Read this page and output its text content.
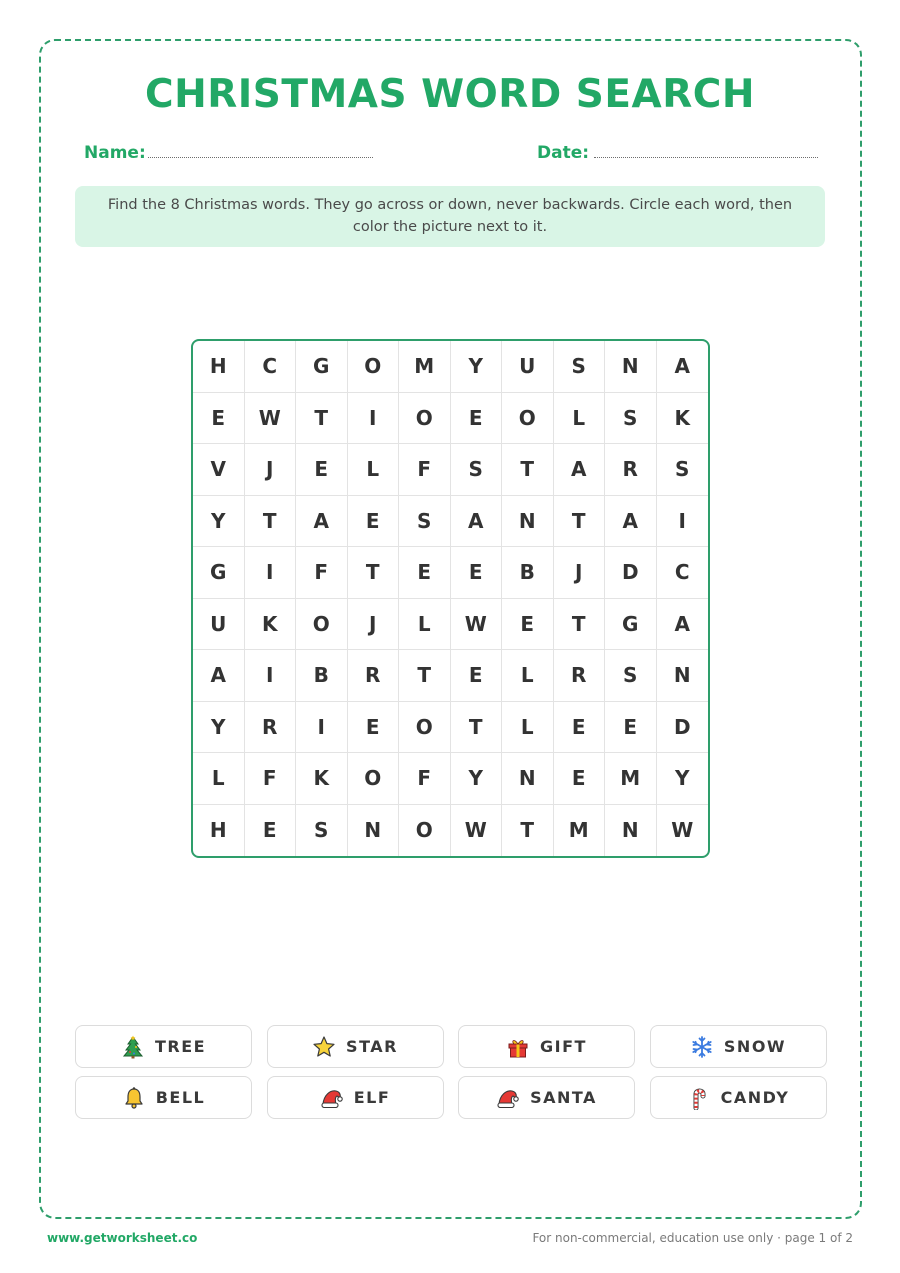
CHRISTMAS WORD SEARCH
Name:	Date:
Find the 8 Christmas words. They go across or down, never backwards. Circle each word, then color the picture next to it.
H	C	G	O	M	Y	U	S	N	A
E	W	T	I	O	E	O	L	S	K
V	J	E	L	F	S	T	A	R	S
Y	T	A	E	S	A	N	T	A	I
G	I	F	T	E	E	B	J	D	C
U	K	O	J	L	W	E	T	G	A
A	I	B	R	T	E	L	R	S	N
Y	R	I	E	O	T	L	E	E	D
L	F	K	O	F	Y	N	E	M	Y
H	E	S	N	O	W	T	M	N	W
TREE	STAR	GIFT	SNOW
BELL	ELF	SANTA	CANDY
www.getworksheet.co	For non-commercial, education use only · page 1 of 2
